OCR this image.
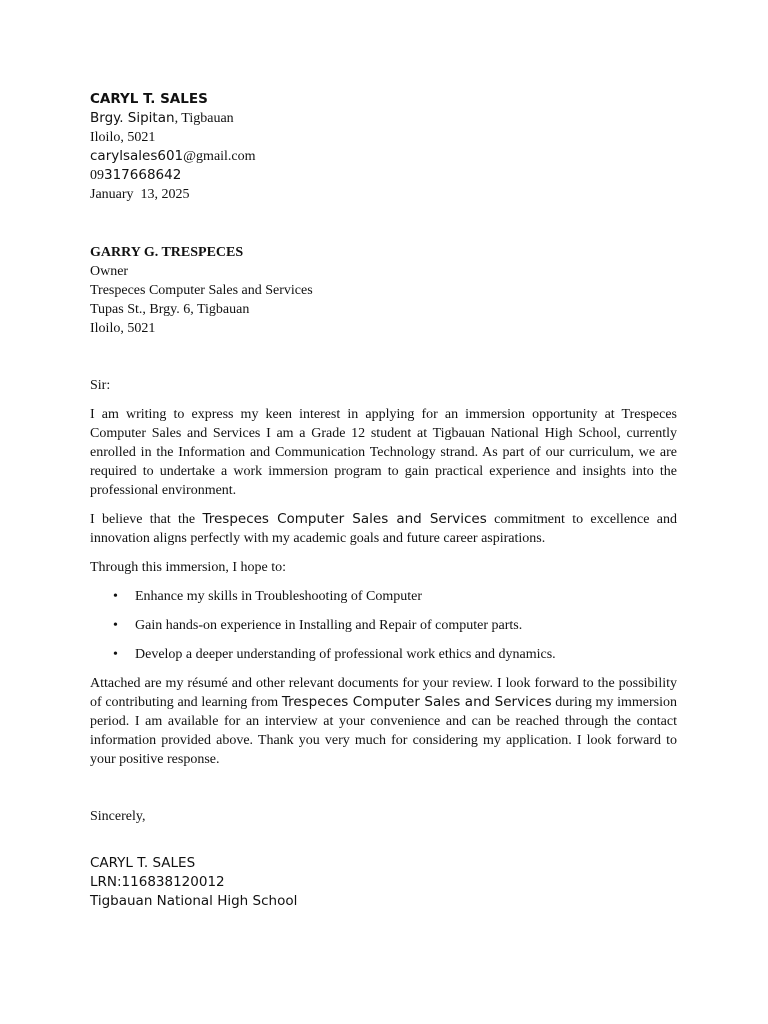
CARYL T. SALES
Brgy. Sipitan, Tigbauan
Iloilo, 5021
carylsales601@gmail.com
09317668642
January  13, 2025
GARRY G. TRESPECES
Owner
Trespeces Computer Sales and Services
Tupas St., Brgy. 6, Tigbauan
Iloilo, 5021
Sir:

I am writing to express my keen interest in applying for an immersion opportunity at Trespeces Computer Sales and Services I am a Grade 12 student at Tigbauan National High School, currently enrolled in the Information and Communication Technology strand. As part of our curriculum, we are required to undertake a work immersion program to gain practical experience and insights into the professional environment.

I believe that the Trespeces Computer Sales and Services commitment to excellence and innovation aligns perfectly with my academic goals and future career aspirations.

Through this immersion, I hope to:

• Enhance my skills in Troubleshooting of Computer
• Gain hands-on experience in Installing and Repair of computer parts.
• Develop a deeper understanding of professional work ethics and dynamics.

Attached are my résumé and other relevant documents for your review. I look forward to the possibility of contributing and learning from Trespeces Computer Sales and Services during my immersion period. I am available for an interview at your convenience and can be reached through the contact information provided above. Thank you very much for considering my application. I look forward to your positive response.

Sincerely,
CARYL T. SALES
LRN:116838120012
Tigbauan National High School
